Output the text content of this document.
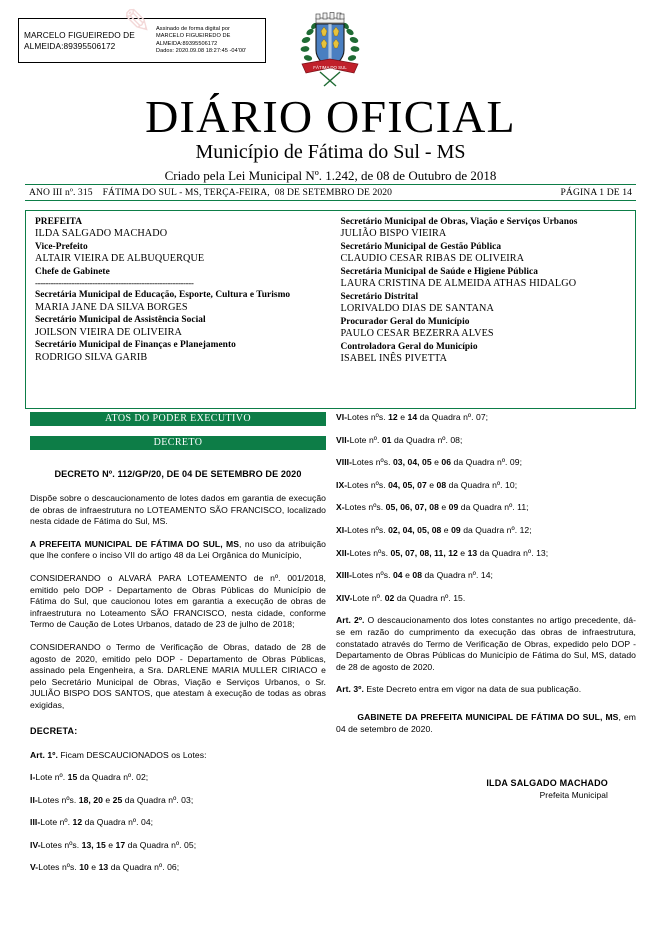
MARCELO FIGUEIREDO DE
ALMEIDA:89395506172
Assinado de forma digital por
MARCELO FIGUEIREDO DE
ALMEIDA:89395506172
Dados: 2020.09.08 18:27:45 -04'00'
✎
FÁTIMA DO SUL
DIÁRIO OFICIAL
Município de Fátima do Sul - MS
Criado pela Lei Municipal Nº. 1.242, de 08 de Outubro de 2018
ANO III nº. 315    FÁTIMA DO SUL - MS, TERÇA-FEIRA,  08 DE SETEMBRO DE 2020	PÁGINA 1 DE 14
PREFEITA
ILDA SALGADO MACHADO
Vice-Prefeito
ALTAIR VIEIRA DE ALBUQUERQUE
Chefe de Gabinete
-------------------------------------------------------------
Secretária Municipal de Educação, Esporte, Cultura e Turismo
MARIA JANE DA SILVA BORGES
Secretário Municipal de Assistência Social
JOILSON VIEIRA DE OLIVEIRA
Secretário Municipal de Finanças e Planejamento
RODRIGO SILVA GARIB
Secretário Municipal de Obras, Viação e Serviços Urbanos
JULIÃO BISPO VIEIRA
Secretário Municipal de Gestão Pública
CLAUDIO CESAR RIBAS DE OLIVEIRA
Secretária Municipal de Saúde e Higiene Pública
LAURA CRISTINA DE ALMEIDA ATHAS HIDALGO
Secretário Distrital
LORIVALDO DIAS DE SANTANA
Procurador Geral do Município
PAULO CESAR BEZERRA ALVES
Controladora Geral do Município
ISABEL INÊS PIVETTA
ATOS DO PODER EXECUTIVO
DECRETO
DECRETO Nº. 112/GP/20, DE 04 DE SETEMBRO DE 2020

Dispõe sobre o descaucionamento de lotes dados em garantia de execução de obras de infraestrutura no LOTEAMENTO SÃO FRANCISCO, localizado nesta cidade de Fátima do Sul, MS.

A PREFEITA MUNICIPAL DE FÁTIMA DO SUL, MS, no uso da atribuição que lhe confere o inciso VII do artigo 48 da Lei Orgânica do Município,

CONSIDERANDO o ALVARÁ PARA LOTEAMENTO de nº. 001/2018, emitido pelo DOP - Departamento de Obras Públicas do Município de Fátima do Sul, que caucionou lotes em garantia a execução de obras de infraestrutura no Loteamento SÃO FRANCISCO, nesta cidade, conforme Termo de Caução de Lotes Urbanos, datado de 23 de julho de 2018;

CONSIDERANDO o Termo de Verificação de Obras, datado de 28 de agosto de 2020, emitido pelo DOP - Departamento de Obras Públicas, assinado pela Engenheira, a Sra. DARLENE MARIA MULLER CIRIACO e pelo Secretário Municipal de Obras, Viação e Serviços Urbanos, o Sr. JULIÃO BISPO DOS SANTOS, que atestam à execução de todas as obras exigidas,

DECRETA:

Art. 1º. Ficam DESCAUCIONADOS os Lotes:

I-Lote nº. 15 da Quadra nº. 02;

II-Lotes nºs. 18, 20 e 25 da Quadra nº. 03;

III-Lote nº. 12 da Quadra nº. 04;

IV-Lotes nºs. 13, 15 e 17 da Quadra nº. 05;

V-Lotes nºs. 10 e 13 da Quadra nº. 06;

VI-Lotes nºs. 12 e 14 da Quadra nº. 07;

VII-Lote nº. 01 da Quadra nº. 08;

VIII-Lotes nºs. 03, 04, 05 e 06 da Quadra nº. 09;

IX-Lotes nºs. 04, 05, 07 e 08 da Quadra nº. 10;

X-Lotes nºs. 05, 06, 07, 08 e 09 da Quadra nº. 11;

XI-Lotes nºs. 02, 04, 05, 08 e 09 da Quadra nº. 12;

XII-Lotes nºs. 05, 07, 08, 11, 12 e 13 da Quadra nº. 13;

XIII-Lotes nºs. 04 e 08 da Quadra nº. 14;

XIV-Lote nº. 02 da Quadra nº. 15.

Art. 2º. O descaucionamento dos lotes constantes no artigo precedente, dá-se em razão do cumprimento da execução das obras de infraestrutura, constatado através do Termo de Verificação de Obras, expedido pelo DOP - Departamento de Obras Públicas do Município de Fátima do Sul, MS, datado de 28 de agosto de 2020.

Art. 3º. Este Decreto entra em vigor na data de sua publicação.

GABINETE DA PREFEITA MUNICIPAL DE FÁTIMA DO SUL, MS, em 04 de setembro de 2020.

ILDA SALGADO MACHADO
Prefeita Municipal
